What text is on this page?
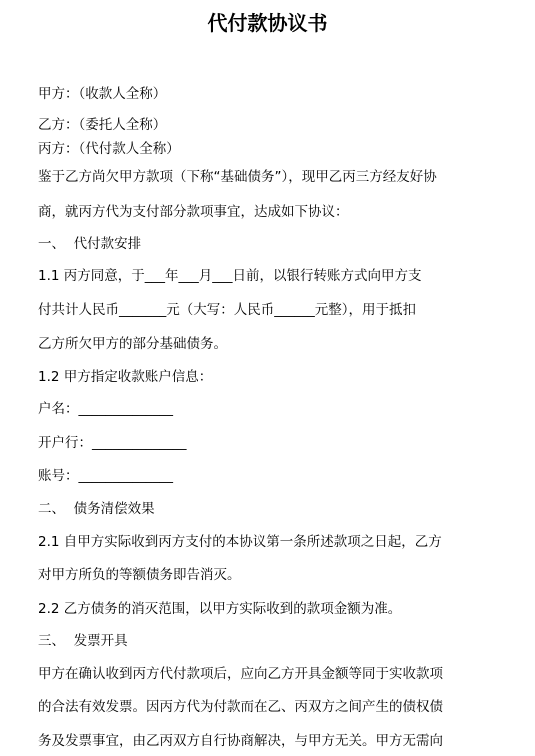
代付款协议书
甲方：（收款人全称）
乙方：（委托人全称）
丙方：（代付款人全称）
鉴于乙方尚欠甲方款项（下称“基础债务”），现甲乙丙三方经友好协
商，就丙方代为支付部分款项事宜，达成如下协议：
一、  代付款安排
1.1 丙方同意，于___年___月___日前，以银行转账方式向甲方支
付共计人民币_______元（大写：人民币______元整），用于抵扣
乙方所欠甲方的部分基础债务。
1.2 甲方指定收款账户信息：
户名：______________
开户行：______________
账号：______________
二、  债务清偿效果
2.1 自甲方实际收到丙方支付的本协议第一条所述款项之日起，乙方
对甲方所负的等额债务即告消灭。
2.2 乙方债务的消灭范围，以甲方实际收到的款项金额为准。
三、  发票开具
甲方在确认收到丙方代付款项后，应向乙方开具金额等同于实收款项
的合法有效发票。因丙方代为付款而在乙、丙双方之间产生的债权债
务及发票事宜，由乙丙双方自行协商解决，与甲方无关。甲方无需向
